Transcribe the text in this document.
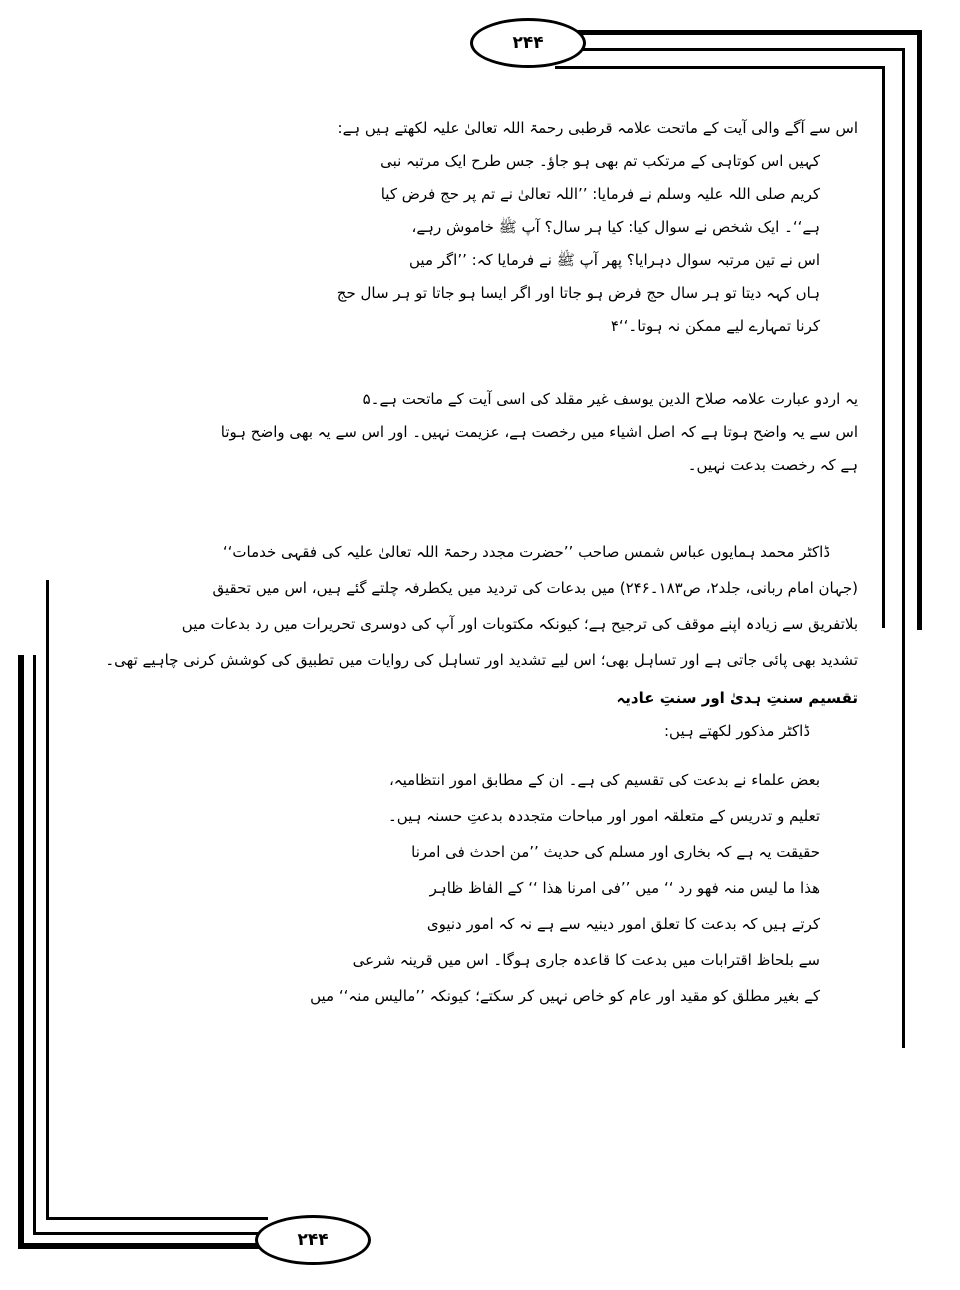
۲۴۴
۲۴۴
اس سے آگے والی آیت کے ماتحت علامہ قرطبی رحمۃ اللہ تعالیٰ علیہ لکھتے ہیں ہے:
کہیں اس کوتاہی کے مرتکب تم بھی ہو جاؤ۔ جس طرح ایک مرتبہ نبی
کریم صلی اللہ علیہ وسلم نے فرمایا: ’’اللہ تعالیٰ نے تم پر حج فرض کیا
ہے‘‘۔ ایک شخص نے سوال کیا: کیا ہر سال؟ آپ ﷺ خاموش رہے،
اس نے تین مرتبہ سوال دہرایا؟ پھر آپ ﷺ نے فرمایا کہ: ’’اگر میں
ہاں کہہ دیتا تو ہر سال حج فرض ہو جاتا اور اگر ایسا ہو جاتا تو ہر سال حج
کرنا تمہارے لیے ممکن نہ ہوتا۔‘‘۴
یہ اردو عبارت علامہ صلاح الدین یوسف غیر مقلد کی اسی آیت کے ماتحت ہے۔۵
اس سے یہ واضح ہوتا ہے کہ اصل اشیاء میں رخصت ہے، عزیمت نہیں۔ اور اس سے یہ بھی واضح ہوتا
ہے کہ رخصت بدعت نہیں۔
ڈاکٹر محمد ہمایوں عباس شمس صاحب ’’حضرت مجدد رحمۃ اللہ تعالیٰ علیہ کی فقہی خدمات‘‘
(جہان امام ربانی، جلد۲، ص۱۸۳۔۲۴۶) میں بدعات کی تردید میں یکطرفہ چلتے گئے ہیں، اس میں تحقیق
بلاتفریق سے زیادہ اپنے موقف کی ترجیح ہے؛ کیونکہ مکتوبات اور آپ کی دوسری تحریرات میں رد بدعات میں
تشدید بھی پائی جاتی ہے اور تساہل بھی؛ اس لیے تشدید اور تساہل کی روایات میں تطبیق کی کوشش کرنی چاہیے تھی۔
تقسیم سنتِ ہدیٰ اور سنتِ عادیہ
ڈاکٹر مذکور لکھتے ہیں:
بعض علماء نے بدعت کی تقسیم کی ہے۔ ان کے مطابق امور انتظامیہ،
تعلیم و تدریس کے متعلقہ امور اور مباحات متجددہ بدعتِ حسنہ ہیں۔
حقیقت یہ ہے کہ بخاری اور مسلم کی حدیث ’’من احدث فی امرنا
ھذا ما لیس منہ فھو رد ‘‘ میں ’’فی امرنا ھذا ‘‘ کے الفاظ ظاہر
کرتے ہیں کہ بدعت کا تعلق امور دینیہ سے ہے نہ کہ امور دنیوی
سے بلحاظ اقترابات میں بدعت کا قاعدہ جاری ہوگا۔ اس میں قرینہ شرعی
کے بغیر مطلق کو مقید اور عام کو خاص نہیں کر سکتے؛ کیونکہ ’’مالیس منہ‘‘ میں
